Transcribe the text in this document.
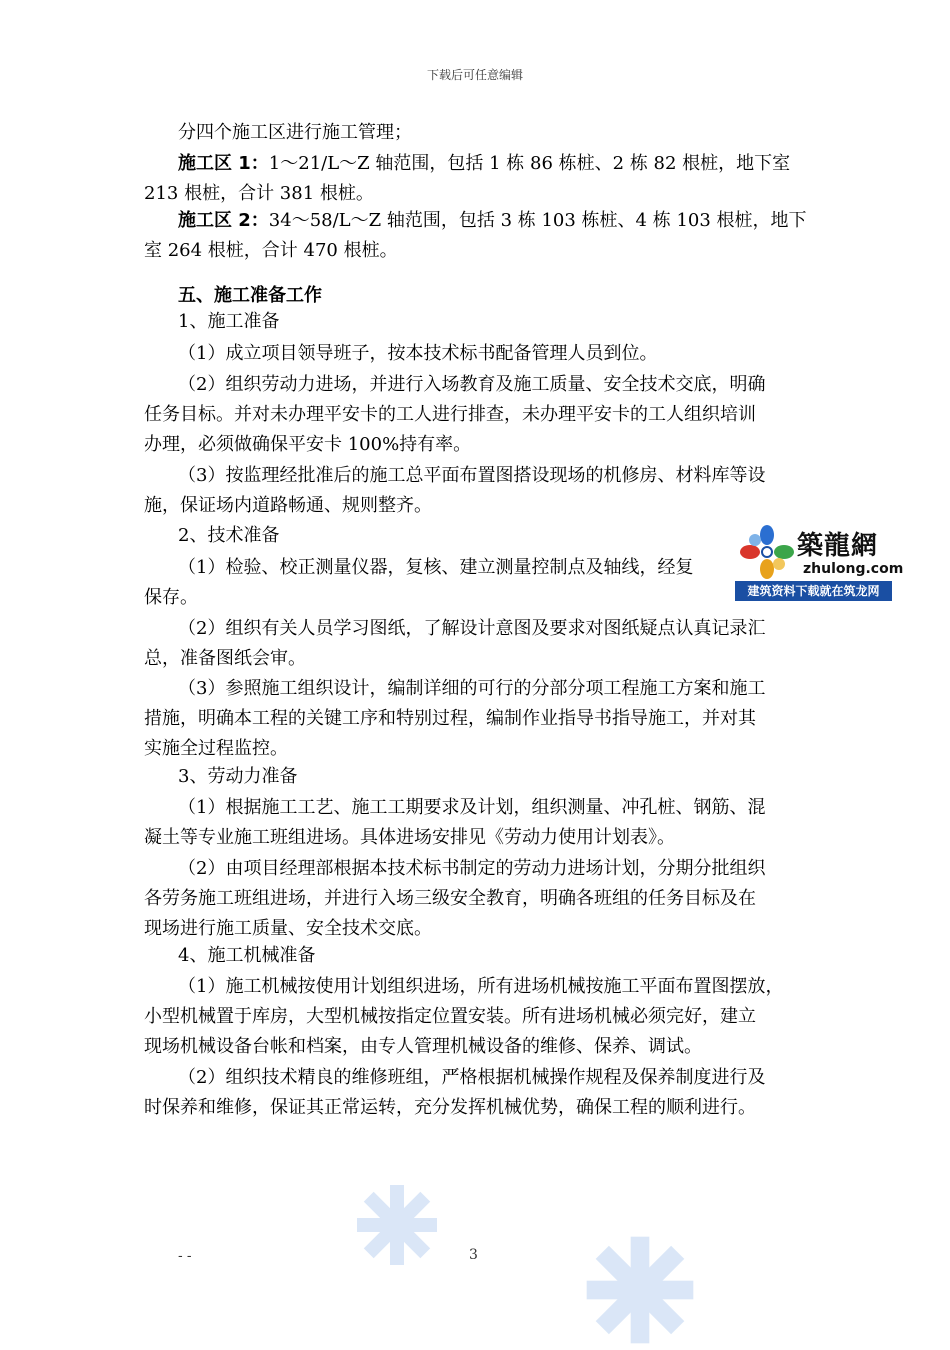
下载后可任意编辑
分四个施工区进行施工管理；
施工区 1：1～21/L～Z 轴范围，包括 1 栋 86 栋桩、2 栋 82 根桩，地下室
213 根桩，合计 381 根桩。
施工区 2：34～58/L～Z 轴范围，包括 3 栋 103 栋桩、4 栋 103 根桩，地下
室 264 根桩，合计 470 根桩。
五、施工准备工作
1、施工准备
（1）成立项目领导班子，按本技术标书配备管理人员到位。
（2）组织劳动力进场，并进行入场教育及施工质量、安全技术交底，明确
任务目标。并对未办理平安卡的工人进行排查，未办理平安卡的工人组织培训
办理，必须做确保平安卡 100%持有率。
（3）按监理经批准后的施工总平面布置图搭设现场的机修房、材料库等设
施，保证场内道路畅通、规则整齐。
2、技术准备
（1）检验、校正测量仪器，复核、建立测量控制点及轴线，经复
保存。
（2）组织有关人员学习图纸，了解设计意图及要求对图纸疑点认真记录汇
总，准备图纸会审。
（3）参照施工组织设计，编制详细的可行的分部分项工程施工方案和施工
措施，明确本工程的关键工序和特别过程，编制作业指导书指导施工，并对其
实施全过程监控。
3、劳动力准备
（1）根据施工工艺、施工工期要求及计划，组织测量、冲孔桩、钢筋、混
凝土等专业施工班组进场。具体进场安排见《劳动力使用计划表》。
（2）由项目经理部根据本技术标书制定的劳动力进场计划，分期分批组织
各劳务施工班组进场，并进行入场三级安全教育，明确各班组的任务目标及在
现场进行施工质量、安全技术交底。
4、施工机械准备
（1）施工机械按使用计划组织进场，所有进场机械按施工平面布置图摆放，
小型机械置于库房，大型机械按指定位置安装。所有进场机械必须完好，建立
现场机械设备台帐和档案，由专人管理机械设备的维修、保养、调试。
（2）组织技术精良的维修班组，严格根据机械操作规程及保养制度进行及
时保养和维修，保证其正常运转，充分发挥机械优势，确保工程的顺利进行。
築龍網
zhulong.com
建筑资料下载就在筑龙网
- -	3
